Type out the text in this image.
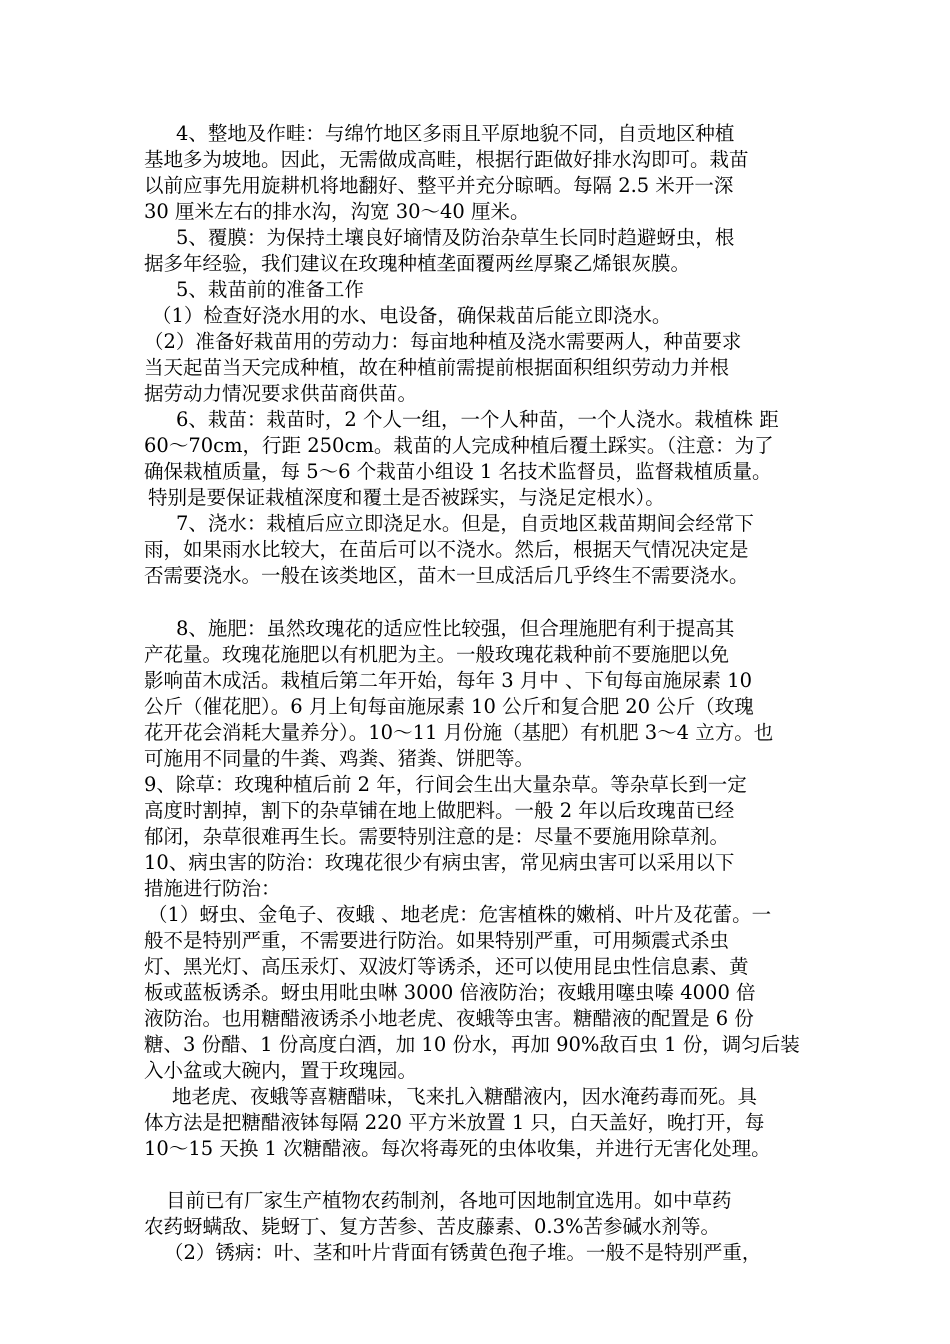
4、整地及作畦：与绵竹地区多雨且平原地貌不同，自贡地区种植
基地多为坡地。因此，无需做成高畦，根据行距做好排水沟即可。栽苗
以前应事先用旋耕机将地翻好、整平并充分晾晒。每隔 2.5 米开一深
30 厘米左右的排水沟，沟宽 30～40 厘米。
5、覆膜：为保持土壤良好墒情及防治杂草生长同时趋避蚜虫，根
据多年经验，我们建议在玫瑰种植垄面覆两丝厚聚乙烯银灰膜。
5、栽苗前的准备工作
（1）检查好浇水用的水、电设备，确保栽苗后能立即浇水。
（2）准备好栽苗用的劳动力：每亩地种植及浇水需要两人，种苗要求
当天起苗当天完成种植，故在种植前需提前根据面积组织劳动力并根
据劳动力情况要求供苗商供苗。
6、栽苗：栽苗时，2 个人一组，一个人种苗，一个人浇水。栽植株 距
60～70cm，行距 250cm。栽苗的人完成种植后覆土踩实。（注意：为了
确保栽植质量，每 5～6 个栽苗小组设 1 名技术监督员，监督栽植质量。
特别是要保证栽植深度和覆土是否被踩实，与浇足定根水）。
7、浇水：栽植后应立即浇足水。但是，自贡地区栽苗期间会经常下
雨，如果雨水比较大，在苗后可以不浇水。然后，根据天气情况决定是
否需要浇水。一般在该类地区，苗木一旦成活后几乎终生不需要浇水。
8、施肥：虽然玫瑰花的适应性比较强，但合理施肥有利于提高其
产花量。玫瑰花施肥以有机肥为主。一般玫瑰花栽种前不要施肥以免
影响苗木成活。栽植后第二年开始，每年 3 月中 、下旬每亩施尿素 10
公斤（催花肥）。6 月上旬每亩施尿素 10 公斤和复合肥 20 公斤（玫瑰
花开花会消耗大量养分）。10～11 月份施（基肥）有机肥 3～4 立方。也
可施用不同量的牛粪、鸡粪、猪粪、饼肥等。
9、除草：玫瑰种植后前 2 年，行间会生出大量杂草。等杂草长到一定
高度时割掉，割下的杂草铺在地上做肥料。一般 2 年以后玫瑰苗已经
郁闭，杂草很难再生长。需要特别注意的是：尽量不要施用除草剂。
10、病虫害的防治：玫瑰花很少有病虫害，常见病虫害可以采用以下
措施进行防治：
（1）蚜虫、金龟子、夜蛾 、地老虎：危害植株的嫩梢、叶片及花蕾。一
般不是特别严重，不需要进行防治。如果特别严重，可用频震式杀虫
灯、黑光灯、高压汞灯、双波灯等诱杀，还可以使用昆虫性信息素、黄
板或蓝板诱杀。蚜虫用吡虫啉 3000 倍液防治；夜蛾用噻虫嗪 4000 倍
液防治。也用糖醋液诱杀小地老虎、夜蛾等虫害。糖醋液的配置是 6 份
糖、3 份醋、1 份高度白酒，加 10 份水，再加 90%敌百虫 1 份，调匀后装
入小盆或大碗内，置于玫瑰园。
地老虎、夜蛾等喜糖醋味，飞来扎入糖醋液内，因水淹药毒而死。具
体方法是把糖醋液钵每隔 220 平方米放置 1 只，白天盖好，晚打开，每
10～15 天换 1 次糖醋液。每次将毒死的虫体收集，并进行无害化处理。
目前已有厂家生产植物农药制剂，各地可因地制宜选用。如中草药
农药蚜螨敌、毙蚜丁、复方苦参、苦皮藤素、0.3%苦参碱水剂等。
（2）锈病：叶、茎和叶片背面有锈黄色孢子堆。一般不是特别严重，
